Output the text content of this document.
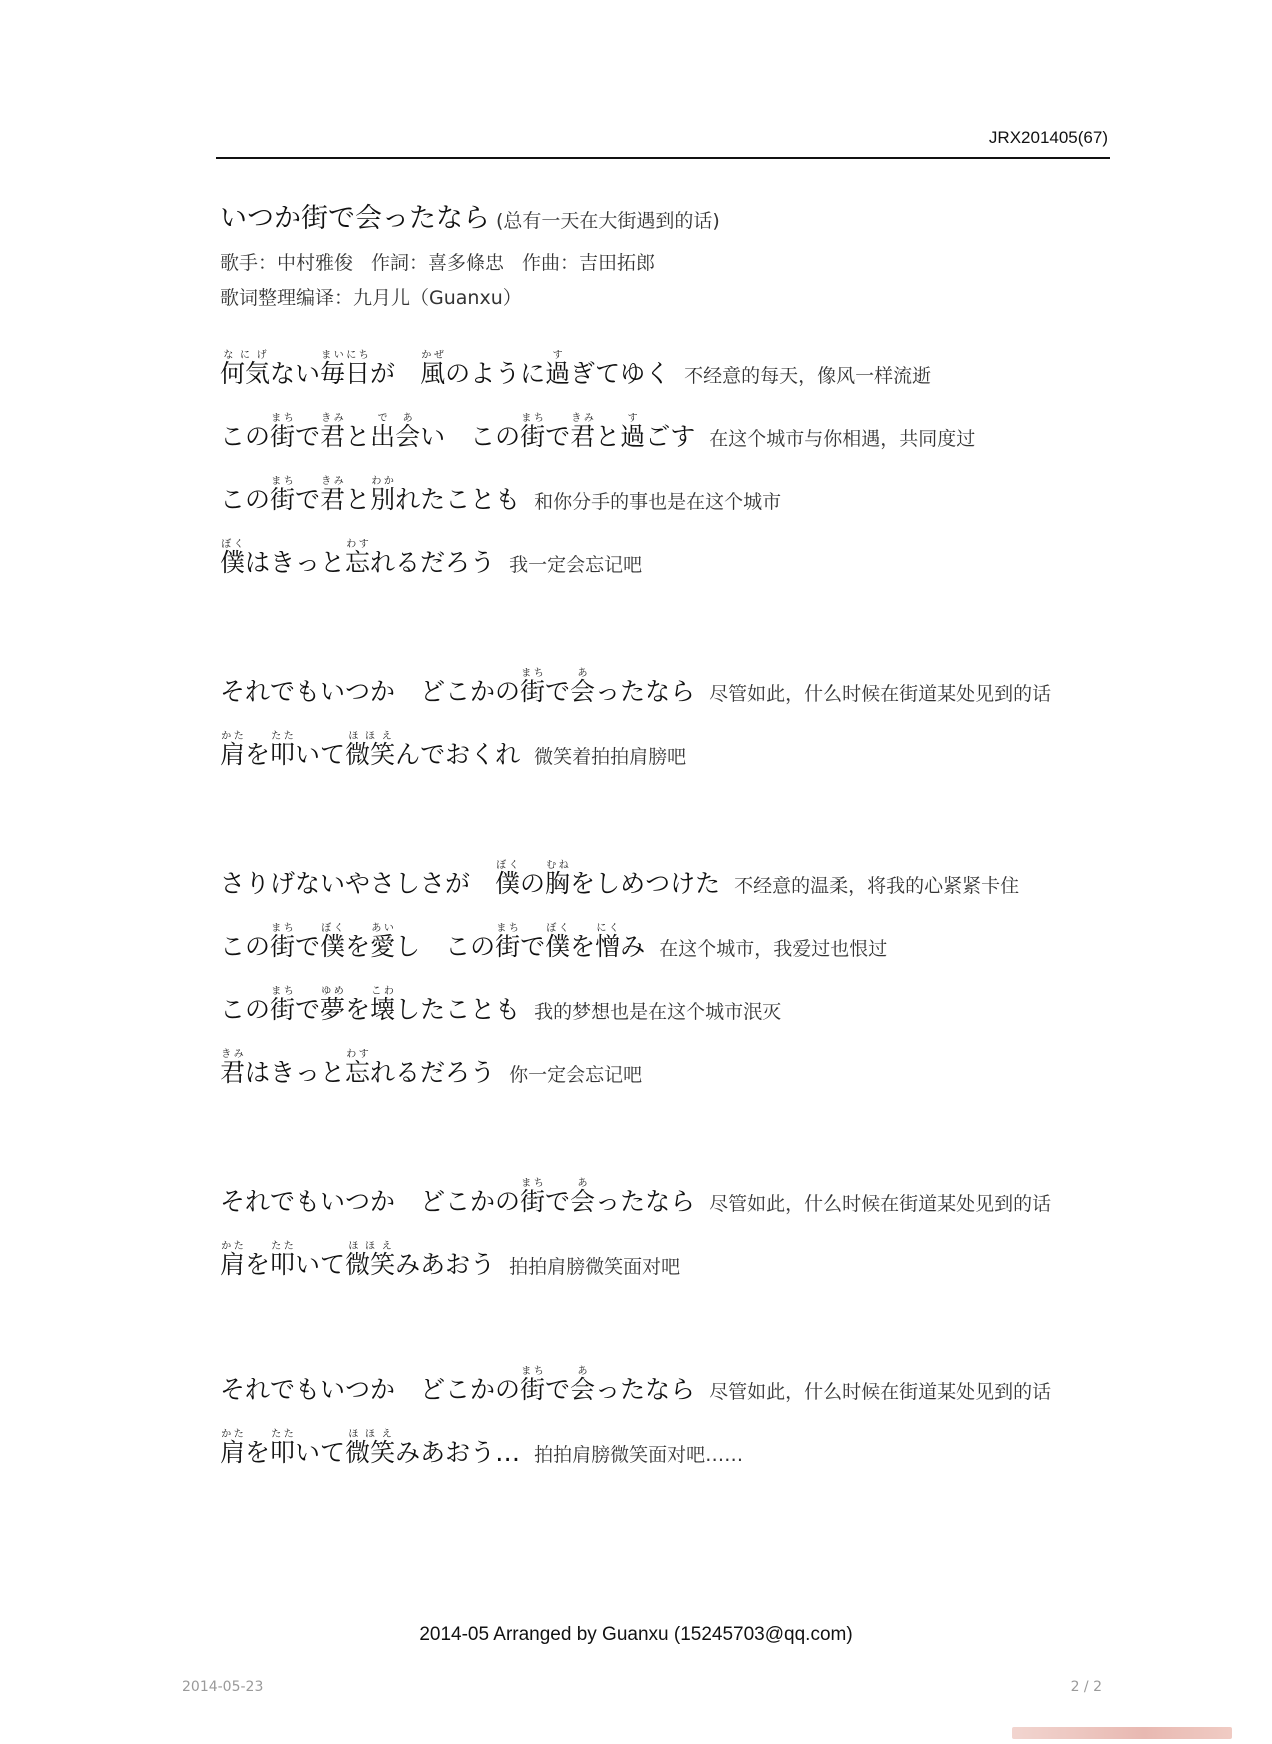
JRX201405(67)
いつか街で会ったなら (总有一天在大街遇到的话)
歌手：中村雅俊 作詞：喜多條忠 作曲：吉田拓郎
歌词整理编译：九月儿（Guanxu）
何気なにげない毎日まいにちが　風かぜのように過すぎてゆく 不经意的每天，像风一样流逝
この街まちで君きみと出会であい　この街まちで君きみと過すごす 在这个城市与你相遇，共同度过
この街まちで君きみと別わかれたことも 和你分手的事也是在这个城市
僕ぼくはきっと忘わすれるだろう 我一定会忘记吧
それでもいつか　どこかの街まちで会あったなら 尽管如此，什么时候在街道某处见到的话
肩かたを叩たたいて微笑ほほえんでおくれ 微笑着拍拍肩膀吧
さりげないやさしさが　僕ぼくの胸むねをしめつけた 不经意的温柔，将我的心紧紧卡住
この街まちで僕ぼくを愛あいし　この街まちで僕ぼくを憎にくみ 在这个城市，我爱过也恨过
この街まちで夢ゆめを壊こわしたことも 我的梦想也是在这个城市泯灭
君きみはきっと忘わすれるだろう 你一定会忘记吧
それでもいつか　どこかの街まちで会あったなら 尽管如此，什么时候在街道某处见到的话
肩かたを叩たたいて微笑ほほえみあおう 拍拍肩膀微笑面对吧
それでもいつか　どこかの街まちで会あったなら 尽管如此，什么时候在街道某处见到的话
肩かたを叩たたいて微笑ほほえみあおう… 拍拍肩膀微笑面对吧……
2014-05 Arranged by Guanxu (15245703@qq.com)
2014-05-23	2 / 2
